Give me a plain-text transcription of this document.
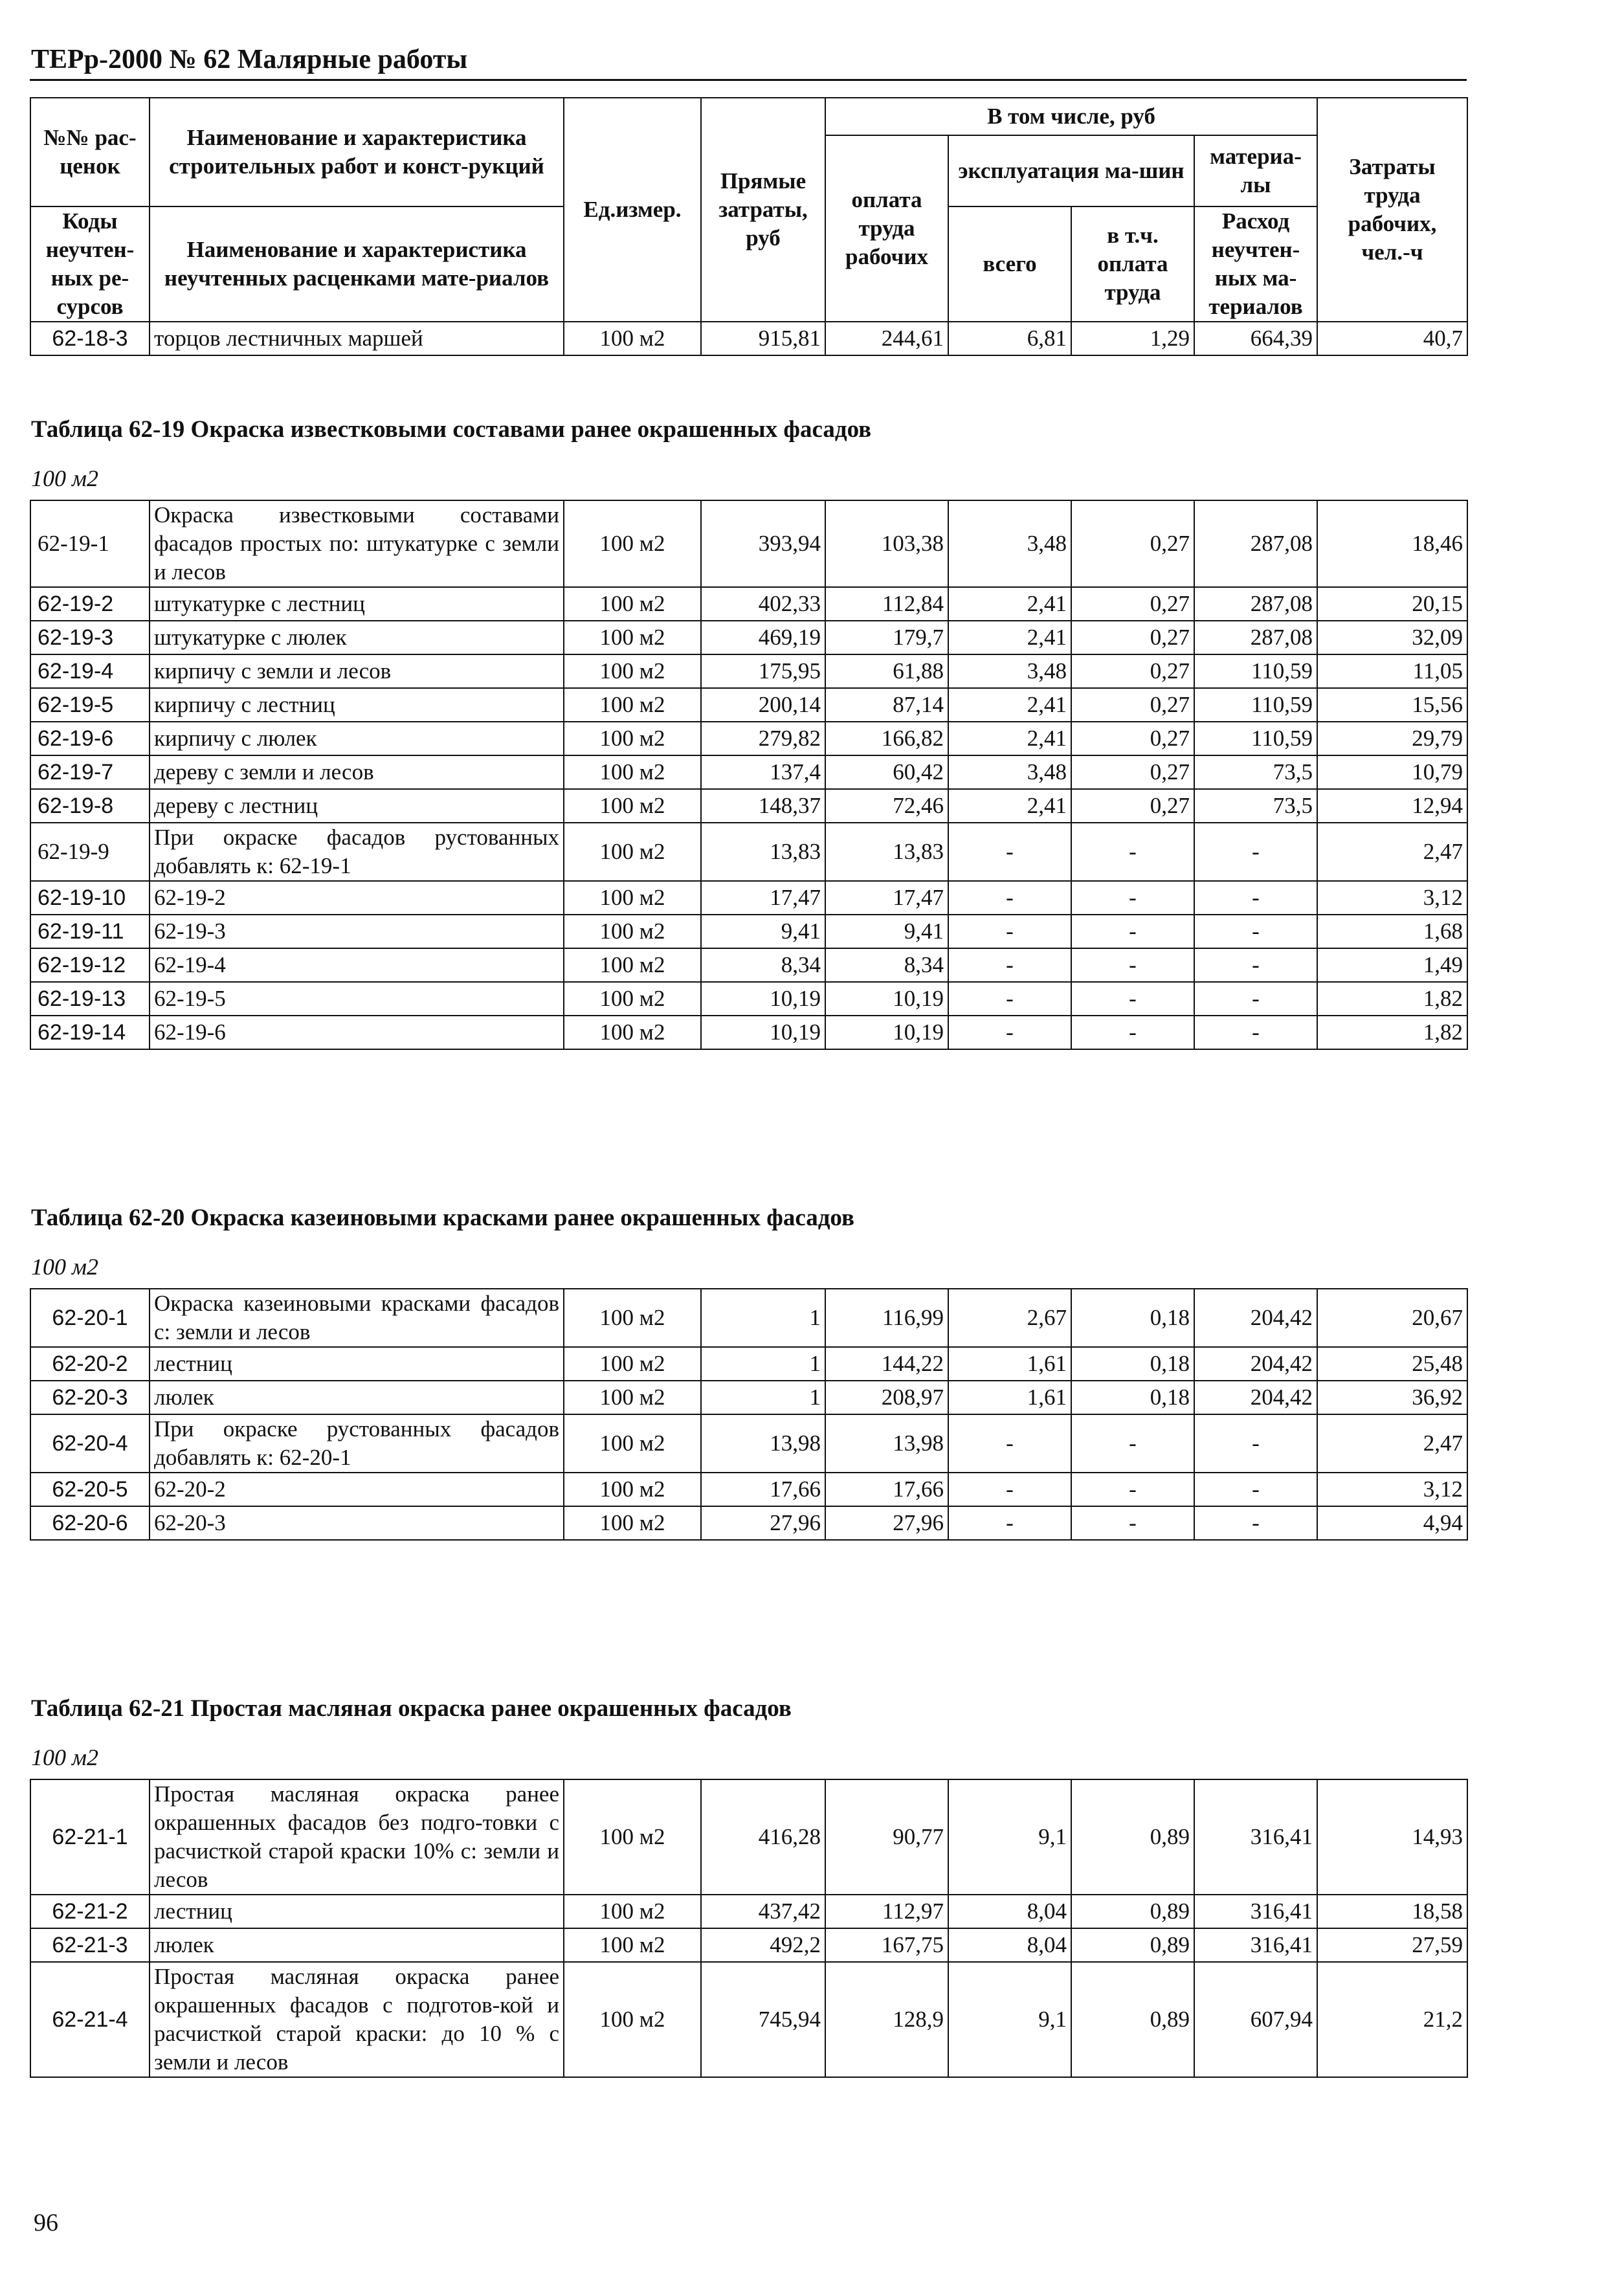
ТЕРр-2000 № 62 Малярные работы
№№ рас-ценок	Наименование и характеристика строительных работ и конст-рукций	Ед.измер.	Прямые затраты, руб	В том числе, руб				Затраты труда рабочих, чел.-ч
				оплата труда рабочих	эксплуатация ма-шин		материа-лы	

Коды неучтен-ных ре-сурсов	Наименование и характеристика неучтенных расценками мате-риалов				всего	в т.ч. оплата труда	Расход неучтен-ных ма-териалов	

62-18-3	торцов лестничных маршей	100 м2	915,81	244,61	6,81	1,29	664,39	40,7
Таблица 62-19 Окраска известковыми составами ранее окрашенных фасадов
100 м2
62-19-1	Окраска известковыми составами фасадов простых по: штукатурке с земли и лесов	100 м2	393,94	103,38	3,48	0,27	287,08	18,46
62-19-2	штукатурке с лестниц	100 м2	402,33	112,84	2,41	0,27	287,08	20,15
62-19-3	штукатурке с люлек	100 м2	469,19	179,7	2,41	0,27	287,08	32,09
62-19-4	кирпичу с земли и лесов	100 м2	175,95	61,88	3,48	0,27	110,59	11,05
62-19-5	кирпичу с лестниц	100 м2	200,14	87,14	2,41	0,27	110,59	15,56
62-19-6	кирпичу с люлек	100 м2	279,82	166,82	2,41	0,27	110,59	29,79
62-19-7	дереву с земли и лесов	100 м2	137,4	60,42	3,48	0,27	73,5	10,79
62-19-8	дереву с лестниц	100 м2	148,37	72,46	2,41	0,27	73,5	12,94
62-19-9	При окраске фасадов рустованных добавлять к: 62-19-1	100 м2	13,83	13,83	-	-	-	2,47
62-19-10	62-19-2	100 м2	17,47	17,47	-	-	-	3,12
62-19-11	62-19-3	100 м2	9,41	9,41	-	-	-	1,68
62-19-12	62-19-4	100 м2	8,34	8,34	-	-	-	1,49
62-19-13	62-19-5	100 м2	10,19	10,19	-	-	-	1,82
62-19-14	62-19-6	100 м2	10,19	10,19	-	-	-	1,82
Таблица 62-20 Окраска казеиновыми красками ранее окрашенных фасадов
100 м2
62-20-1	Окраска казеиновыми красками фасадов с: земли и лесов	100 м2	1	116,99	2,67	0,18	204,42	20,67
62-20-2	лестниц	100 м2	1	144,22	1,61	0,18	204,42	25,48
62-20-3	люлек	100 м2	1	208,97	1,61	0,18	204,42	36,92
62-20-4	При окраске рустованных фасадов добавлять к: 62-20-1	100 м2	13,98	13,98	-	-	-	2,47
62-20-5	62-20-2	100 м2	17,66	17,66	-	-	-	3,12
62-20-6	62-20-3	100 м2	27,96	27,96	-	-	-	4,94
Таблица 62-21 Простая масляная окраска ранее окрашенных фасадов
100 м2
62-21-1	Простая масляная окраска ранее окрашенных фасадов без подго-товки с расчисткой старой краски 10% с: земли и лесов	100 м2	416,28	90,77	9,1	0,89	316,41	14,93
62-21-2	лестниц	100 м2	437,42	112,97	8,04	0,89	316,41	18,58
62-21-3	люлек	100 м2	492,2	167,75	8,04	0,89	316,41	27,59
62-21-4	Простая масляная окраска ранее окрашенных фасадов с подготов-кой и расчисткой старой краски: до 10 % с земли и лесов	100 м2	745,94	128,9	9,1	0,89	607,94	21,2
96
